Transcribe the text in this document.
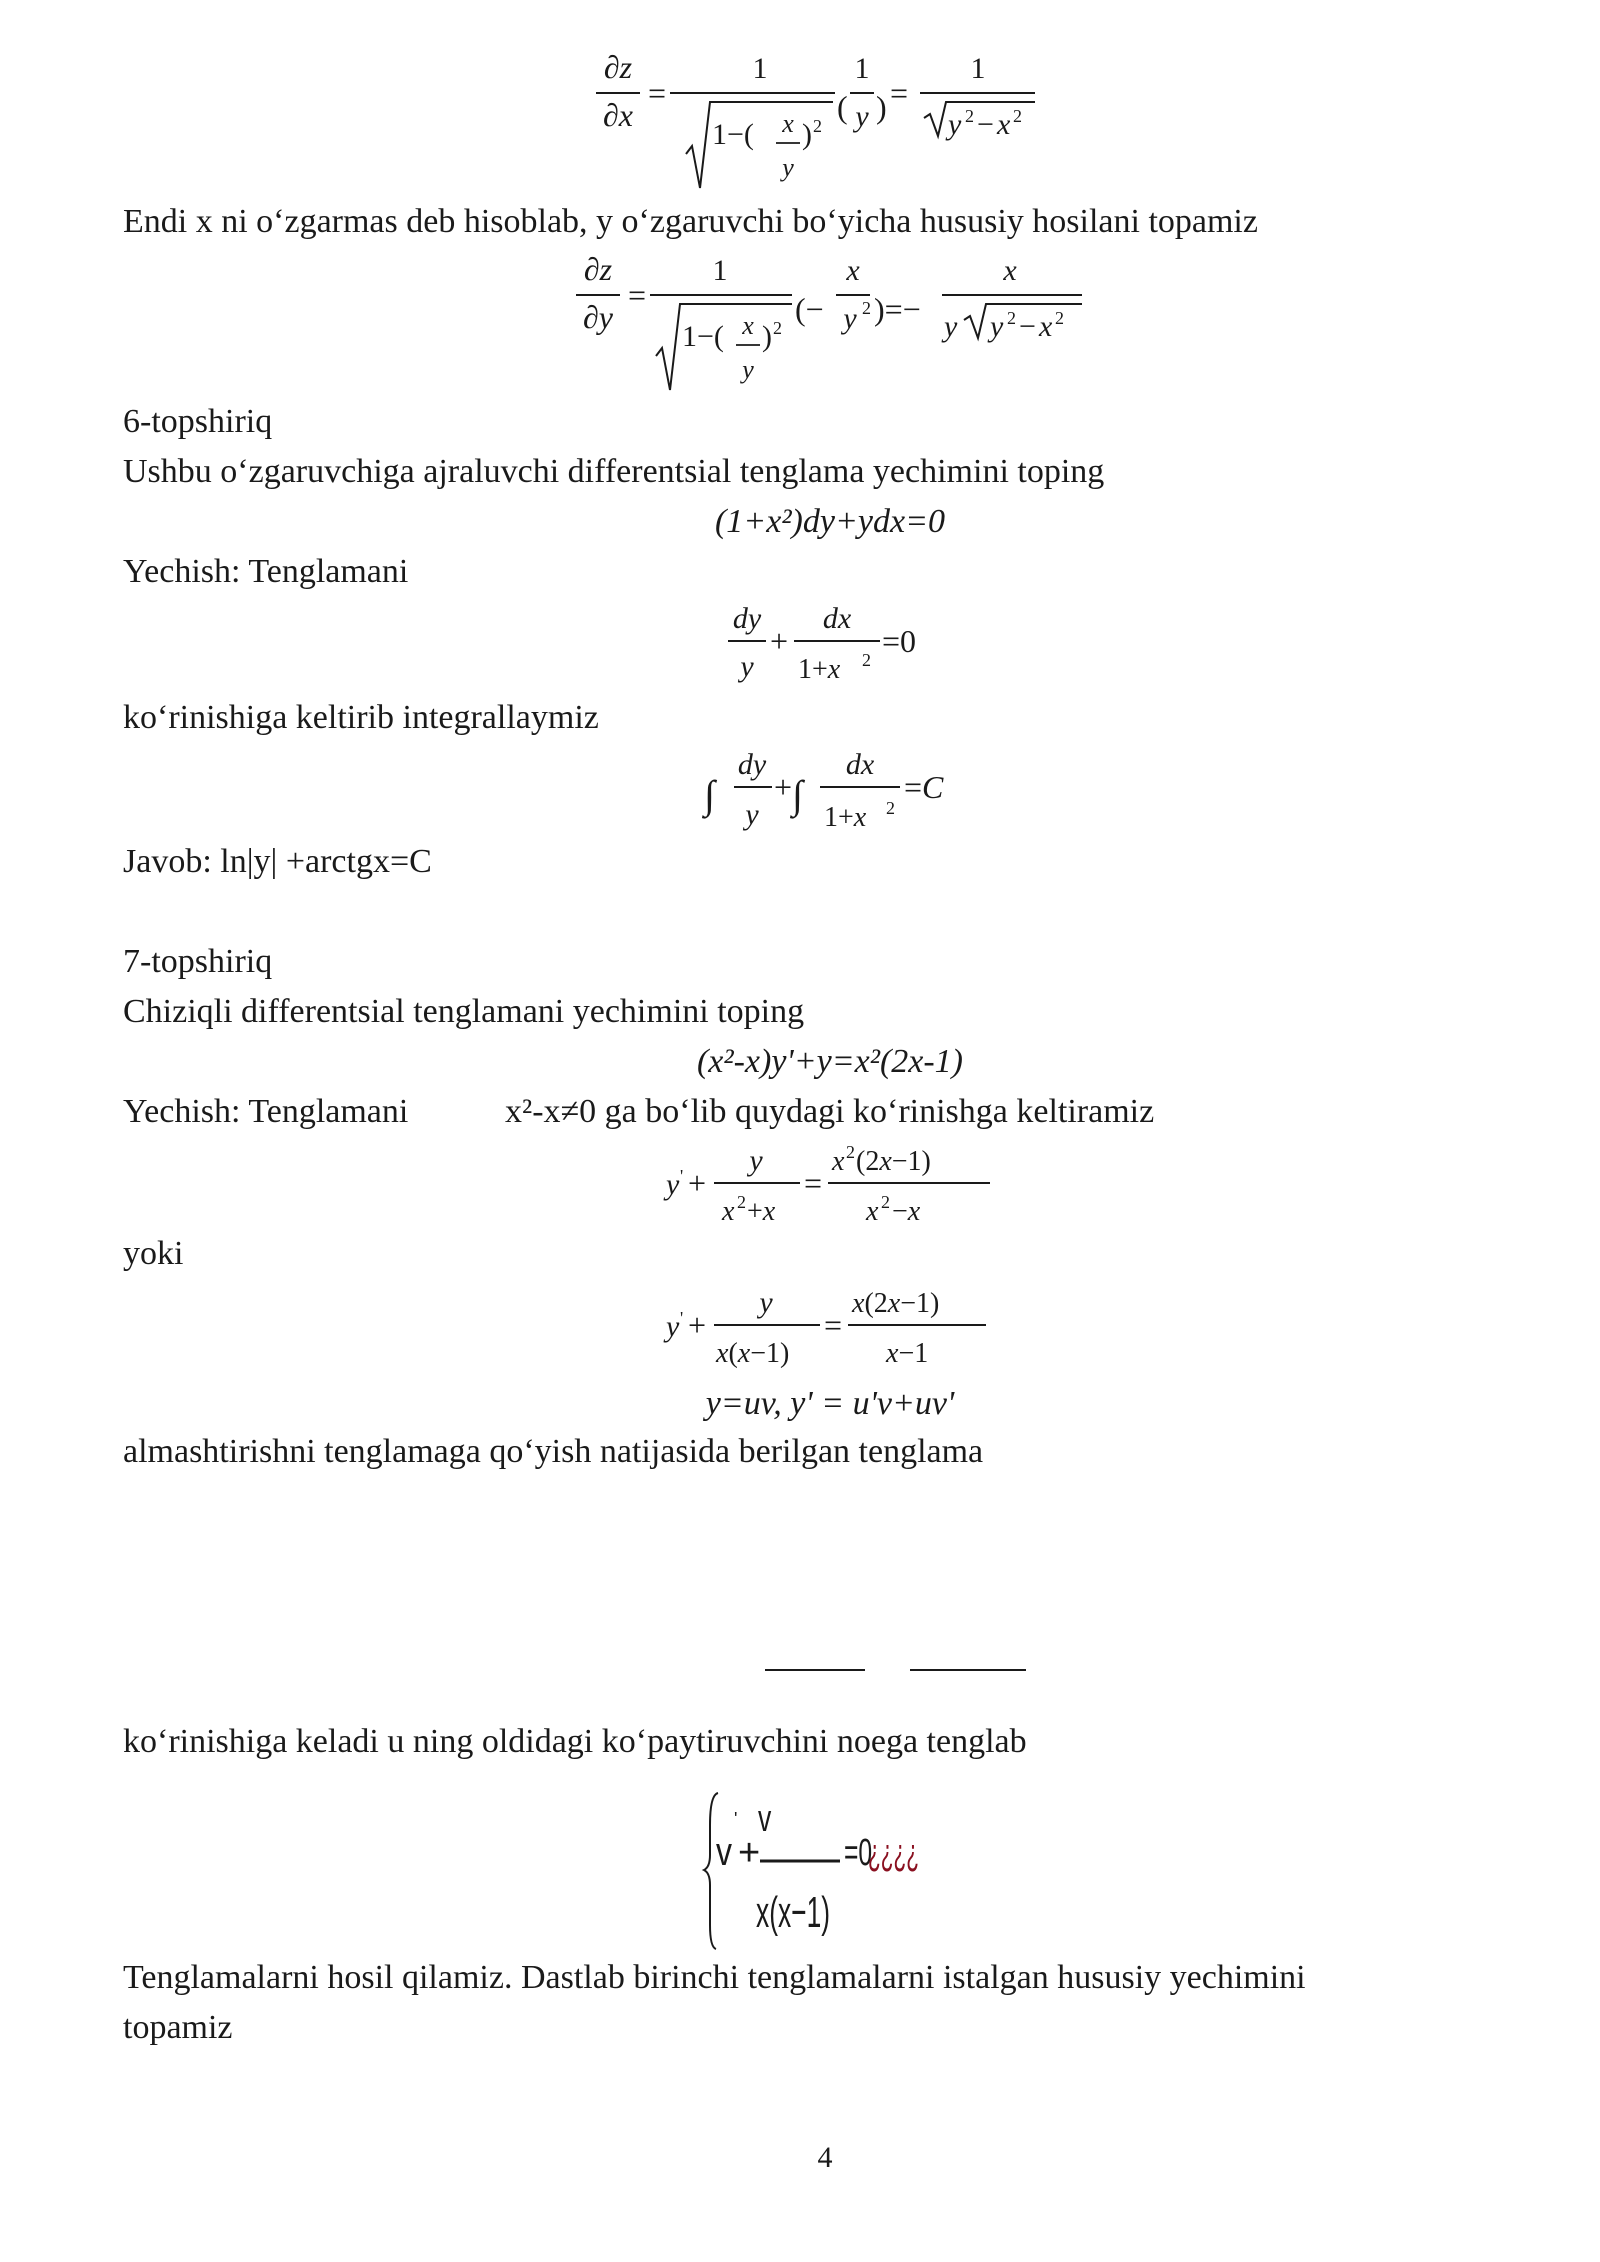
∂z
∂x
=
1
1−( x
y
) 2
(
1
y ) =
1
y 2 − x 2
Endi x ni o‘zgarmas deb hisoblab, y o‘zgaruvchi bo‘yicha hususiy hosilani topamiz
∂z
∂y
=
1
1−( x
y
) 2
(−
x
y 2 )=−
x
y y 2 − x 2
6-topshiriq
Ushbu o‘zgaruvchiga ajraluvchi differentsial tenglama yechimini toping
(1+x²)dy+ydx=0
Yechish: Tenglamani
dy
y
+
dx
1+x 2
=0
ko‘rinishiga keltirib integrallaymiz
∫
dy
y
+ ∫
dx
1+x 2
=C
Javob: ln|y| +arctgx=C
7-topshiriq
Chiziqli differentsial tenglamani yechimini toping
(x²-x)y'+y=x²(2x-1)
Yechish: Tenglamani	x²-x≠0 ga bo‘lib quydagi ko‘rinishga keltiramiz
y ' +
y
x 2 +x
=
x 2 (2x−1)
x 2 −x
yoki
y ' +
y
x(x−1)
=
x(2x−1)
x−1
y=uv, y' = u'v+uv'
almashtirishni tenglamaga qo‘yish natijasida berilgan tenglama
ko‘rinishiga keladi u ning oldidagi ko‘paytiruvchini noega tenglab
v
'
+
v
x(x−1)
=0
¿¿¿¿
Tenglamalarni hosil qilamiz. Dastlab birinchi tenglamalarni istalgan hususiy yechimini
topamiz
4
